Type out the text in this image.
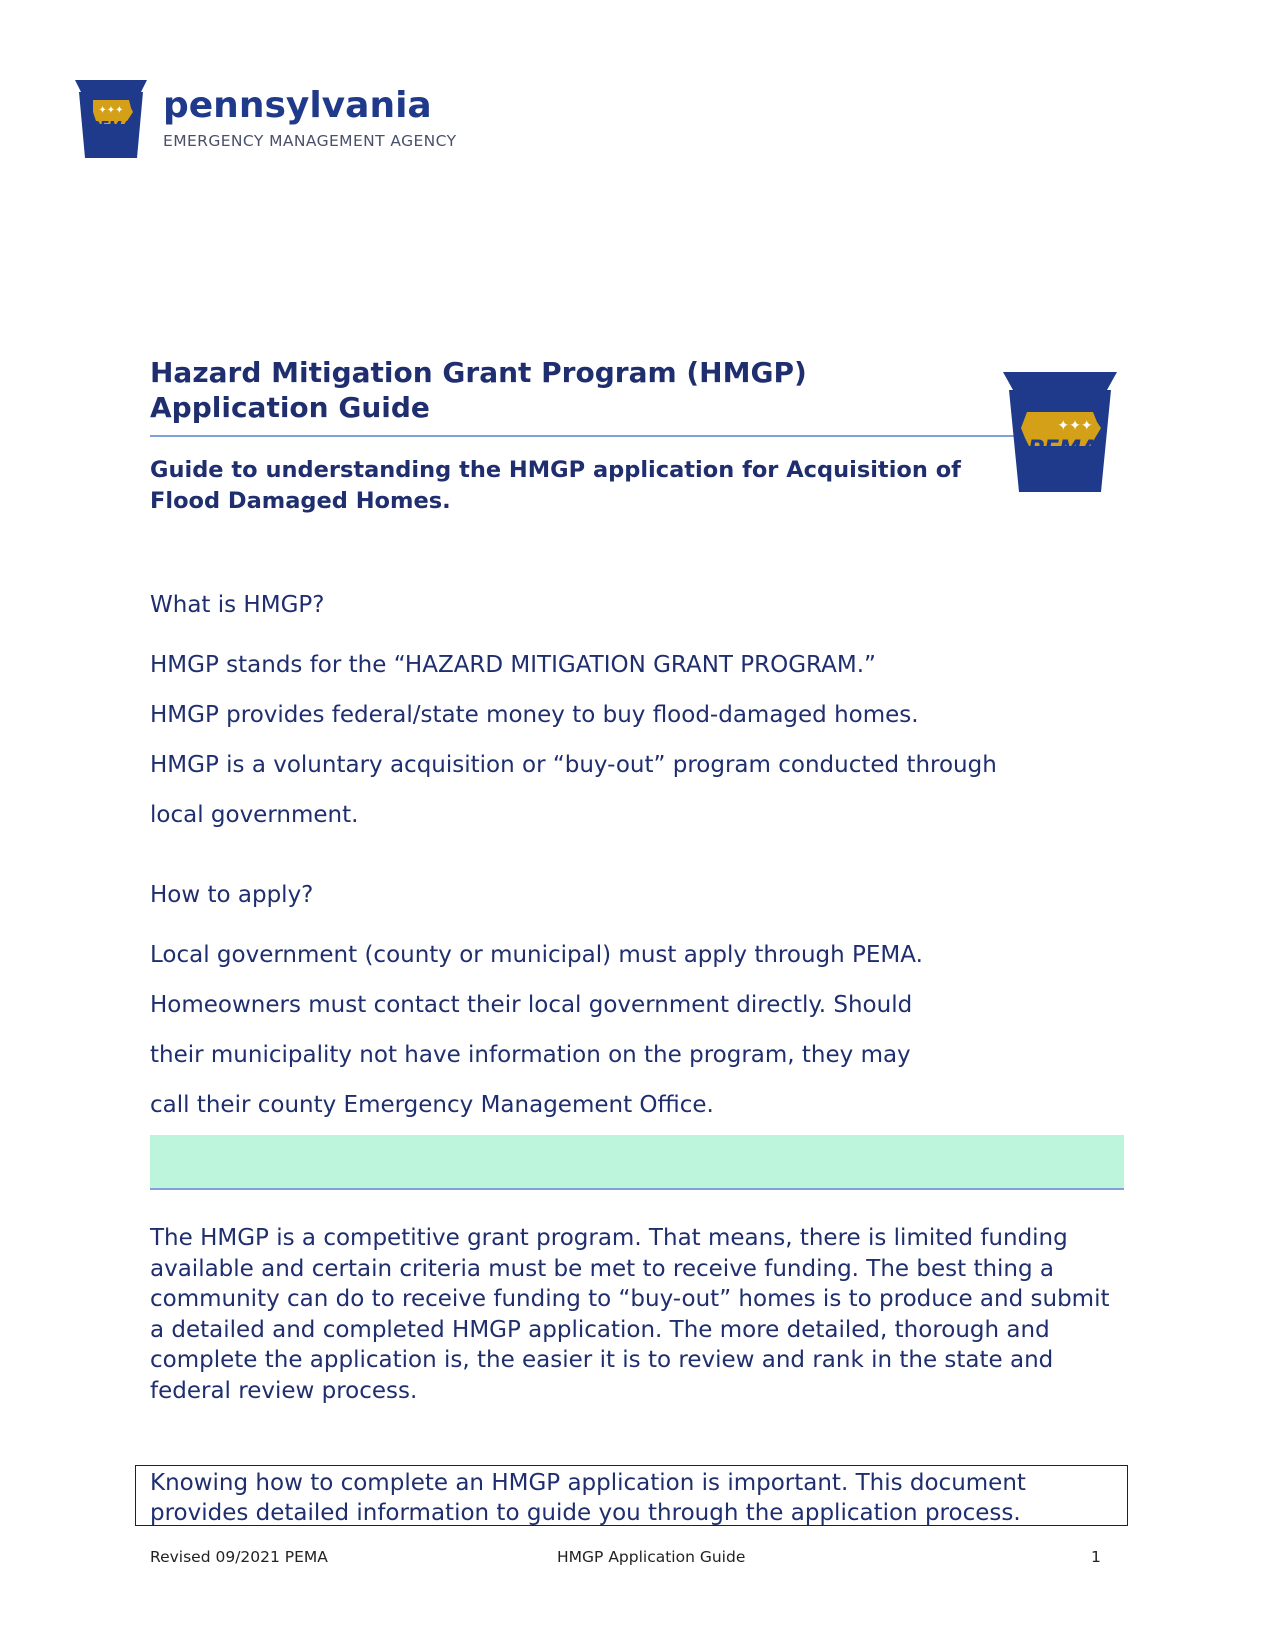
PEMA
✦✦✦ pennsylvania
EMERGENCY MANAGEMENT AGENCY
Hazard Mitigation Grant Program (HMGP)
Application Guide
Guide to understanding the HMGP application for Acquisition of Flood Damaged Homes.
PEMA
✦✦✦
What is HMGP?
HMGP stands for the “HAZARD MITIGATION GRANT PROGRAM.”
HMGP provides federal/state money to buy flood-damaged homes.
HMGP is a voluntary acquisition or “buy-out” program conducted through
local government.
How to apply?
Local government (county or municipal) must apply through PEMA.
Homeowners must contact their local government directly. Should
their municipality not have information on the program, they may
call their county Emergency Management Office.
The HMGP is a competitive grant program. That means, there is limited funding available and certain criteria must be met to receive funding. The best thing a community can do to receive funding to “buy-out” homes is to produce and submit a detailed and completed HMGP application. The more detailed, thorough and complete the application is, the easier it is to review and rank in the state and federal review process.
Knowing how to complete an HMGP application is important. This document provides detailed information to guide you through the application process.
Revised 09/2021 PEMA	HMGP Application Guide	1
